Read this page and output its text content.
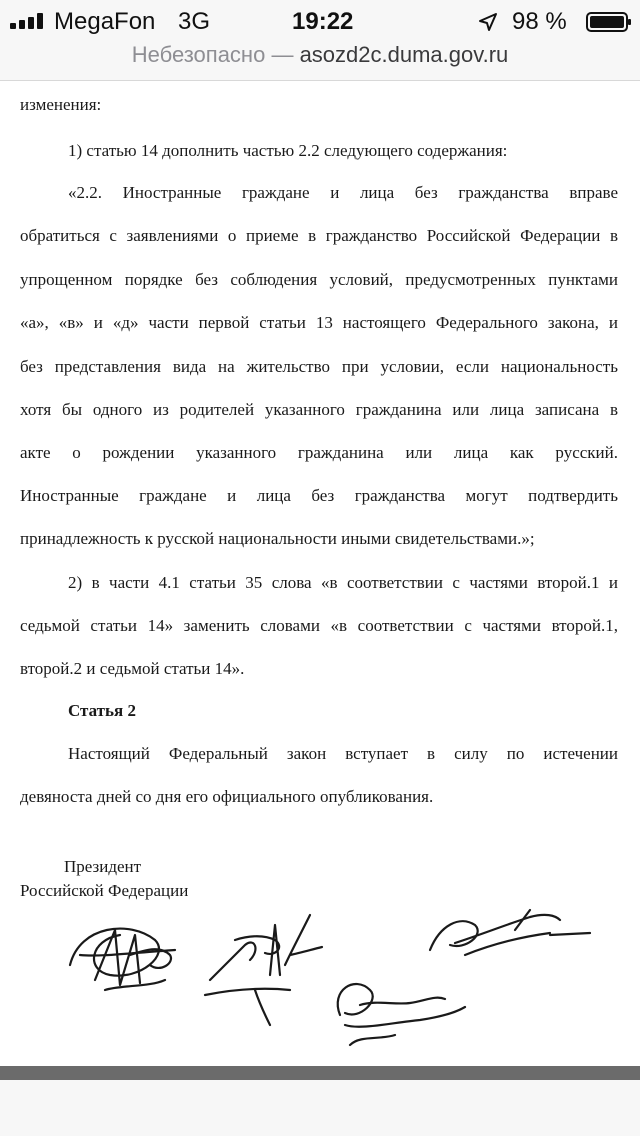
MegaFon 3G	19:22	98 %
Небезопасно — asozd2c.duma.gov.ru
изменения:
1) статью 14 дополнить частью 2.2 следующего содержания:
«2.2. Иностранные граждане и лица без гражданства вправе
обратиться с заявлениями о приеме в гражданство Российской Федерации в
упрощенном порядке без соблюдения условий, предусмотренных пунктами
«а», «в» и «д» части первой статьи 13 настоящего Федерального закона, и
без представления вида на жительство при условии, если национальность
хотя бы одного из родителей указанного гражданина или лица записана в
акте о рождении указанного гражданина или лица как русский.
Иностранные граждане и лица без гражданства могут подтвердить
принадлежность к русской национальности иными свидетельствами.»;
2) в части 4.1 статьи 35 слова «в соответствии с частями второй.1 и
седьмой статьи 14» заменить словами «в соответствии с частями второй.1,
второй.2 и седьмой статьи 14».
Статья 2
Настоящий Федеральный закон вступает в силу по истечении
девяноста дней со дня его официального опубликования.
Президент
Российской Федерации
